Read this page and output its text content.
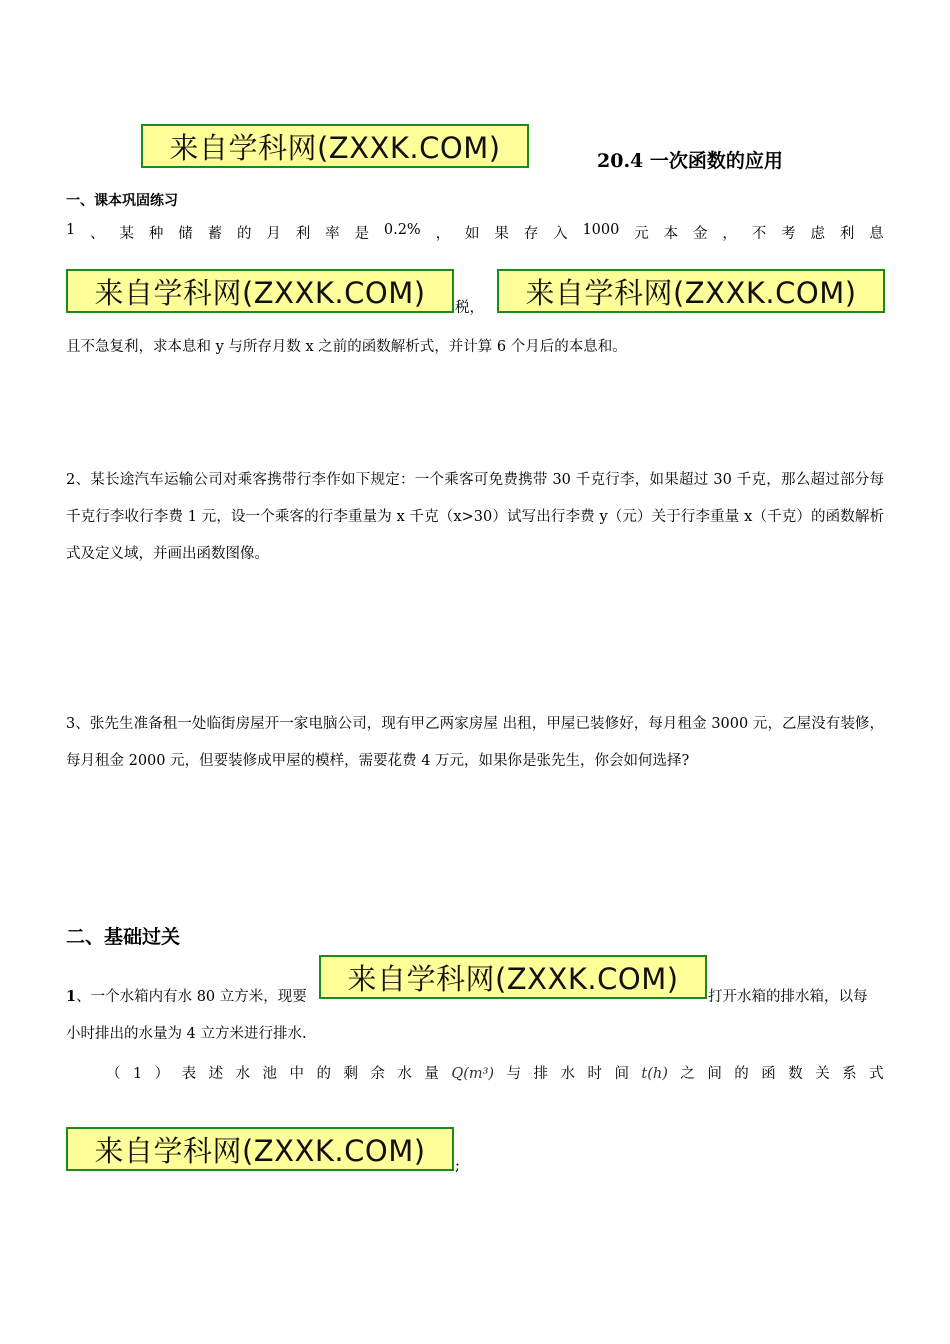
来自学科网(ZXXK.COM)	20.4 一次函数的应用
一、课本巩固练习
1 、 某 种 储 蓄 的 月 利 率 是 0.2% ， 如 果 存 入 1000 元 本 金 ， 不 考 虑 利 息
来自学科网(ZXXK.COM)	税，	来自学科网(ZXXK.COM)
且不急复利，求本息和 y 与所存月数 x 之前的函数解析式，并计算 6 个月后的本息和。
2、某长途汽车运输公司对乘客携带行李作如下规定：一个乘客可免费携带 30 千克行李，如果超过 30 千克，那么超过部分每千克行李收行李费 1 元，设一个乘客的行李重量为 x 千克（x>30）试写出行李费 y（元）关于行李重量 x（千克）的函数解析式及定义域，并画出函数图像。
3、张先生准备租一处临街房屋开一家电脑公司，现有甲乙两家房屋 出租，甲屋已装修好，每月租金 3000 元，乙屋没有装修，每月租金 2000 元，但要装修成甲屋的模样，需要花费 4 万元，如果你是张先生，你会如何选择?
二、基础过关
1、一个水箱内有水 80 立方米，现要
来自学科网(ZXXK.COM)
打开水箱的排水箱，以每
小时排出的水量为 4 立方米进行排水.
（ 1 ） 表 述 水 池 中 的 剩 余 水 量 Q(m³) 与 排 水 时 间 t(h) 之 间 的 函 数 关 系 式
来自学科网(ZXXK.COM)	;
